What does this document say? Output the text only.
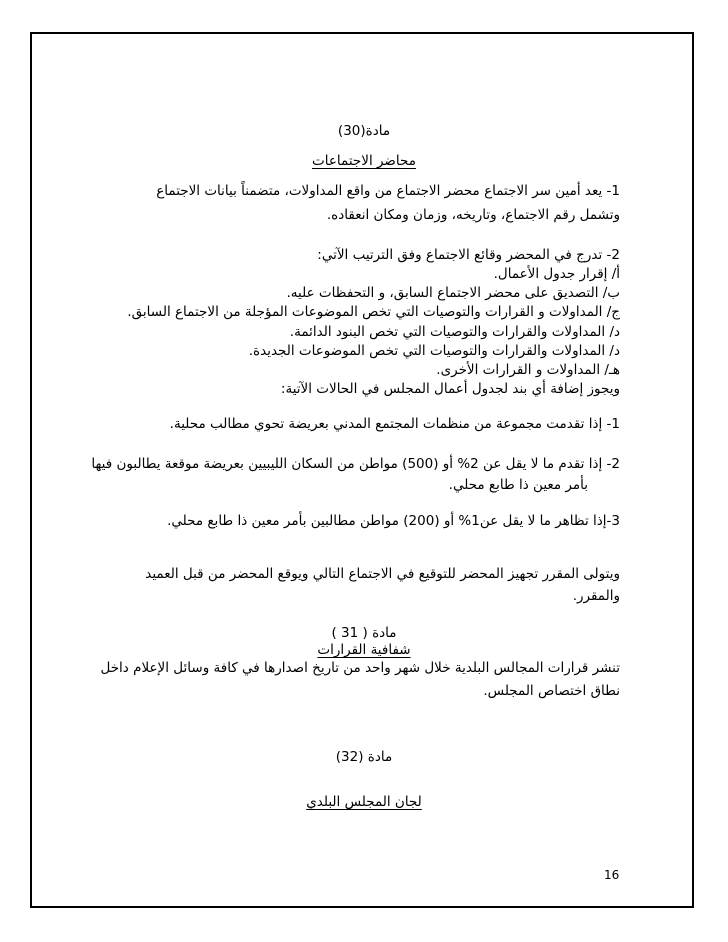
مادة(30)
محاضر الاجتماعات
1- يعد أمين سر الاجتماع محضر الاجتماع من واقع المداولات، متضمناً بيانات الاجتماع
وتشمل رقم الاجتماع، وتاريخه، وزمان ومكان انعقاده.
2- تدرج في المحضر وقائع الاجتماع وفق الترتيب الآتي:
أ/ إقرار جدول الأعمال.
ب/ التصديق على محضر الاجتماع السابق، و التحفظات عليه.
ج/ المداولات و القرارات والتوصيات التي تخص الموضوعات المؤجلة من الاجتماع السابق.
د/ المداولات والقرارات والتوصيات التي تخص البنود الدائمة.
د/ المداولات والقرارات والتوصيات التي تخص الموضوعات الجديدة.
هـ/ المداولات و القرارات الأخرى.
ويجوز إضافة أي بند لجدول أعمال المجلس في الحالات الآتية:
1- إذا تقدمت مجموعة من منظمات المجتمع المدني بعريضة تحوي مطالب محلية.
2- إذا تقدم ما لا يقل عن 2% أو (500) مواطن من السكان الليبيين بعريضة موقعة يطالبون فيها
بأمر معين ذا طابع محلي.
3-إذا تظاهر ما لا يقل عن1% أو (200) مواطن مطالبين بأمر معين ذا طابع محلي.
ويتولى المقرر تجهيز المحضر للتوقيع في الاجتماع التالي ويوقع المحضر من قبل العميد
والمقرر.
مادة ( 31 )
شفافية القرارات
تنشر قرارات المجالس البلدية خلال شهر واحد من تاريخ اصدارها في كافة وسائل الإعلام داخل
نطاق اختصاص المجلس.
مادة (32)
لجان المجلس البلدي
16
